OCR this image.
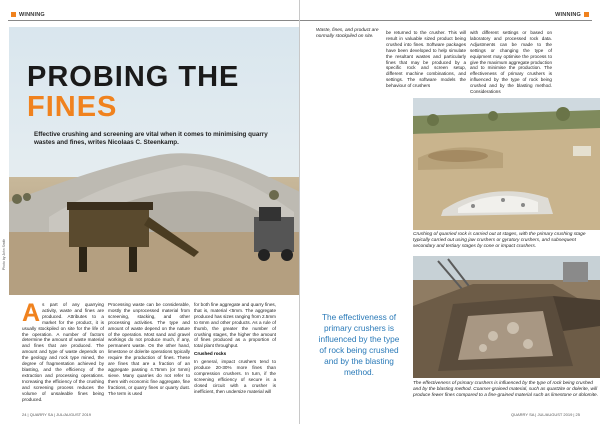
WINNING
PROBING THE
FINES
Effective crushing and screening are vital when it comes to minimising quarry wastes and fines, writes Nicolaas C. Steenkamp.
Photo by John Smith
As part of any quarrying activity, waste and fines are produced. Attributes to a market for the product, it is usually stockpiled on site for the life of the operation. A number of factors determine the amount of waste material and fines that are produced. The amount and type of waste depends on the geology and rock type mined, the degree of fragmentation achieved by blasting, and the efficiency of the extraction and processing operations. Increasing the efficiency of the crushing and screening process reduces the volume of unsaleable fines being produced.
Processing waste can be considerable, mostly the unprocessed material from screening, stacking, and other processing activities. The type and amount of waste depend on the nature of the operation. Most sand and gravel workings do not produce much, if any, permanent waste. On the other hand, limestone or dolerite operations typically require the production of fines. These are fines that are a fraction of an aggregate passing 4.75mm (or 5mm) sieve. Many quarries do not refer to them with economic fine aggregate, fine fractions, or quarry fines or quarry dust. The term is used

for both fine aggregate and quarry fines, that is, material <5mm. The aggregate produced has sizes ranging from 2.5mm to 6mm and other products. As a rule of thumb, the greater the number of crushing stages, the higher the amount of fines produced as a proportion of total plant throughput.

Crushed rocks

In general, impact crushers tend to produce 20-30% more fines than compression crushers. In turn, if the screening efficiency of secure is a closed circuit with a crusher is inefficient, then undersize material will

24 | QUARRY SA | JUL/AUGUST 2019
WINNING
Waste, fines, and product are normally stockpiled on site.
be returned to the crusher. This will result in valuable sized product being crushed into fines. Software packages have been developed to help simulate the resultant wastes and particularly fines that may be produced by a specific rock and screen setup, different machine combinations, and settings. The software models the behaviour of crushers
with different settings or based on laboratory and processed rock data. Adjustments can be made to the settings or changing the type of equipment may optimise the process to give the maximum aggregate production and to minimise the production. The effectiveness of primary crushers is influenced by the type of rock being crushed and by the blasting method. Considerations
Crushing of quarried rock is carried out at stages, with the primary crushing stage typically carried out using jaw crushers or gyratory crushers, and subsequent secondary and tertiary stages by cone or impact crushers.
The effectiveness of primary crushers is influenced by the type of rock being crushed and by the blasting method.
The effectiveness of primary crushers is influenced by the type of rock being crushed and by the blasting method. Coarser-grained material, such as quartzite or dolerite, will produce fewer fines compared to a fine-grained material such as limestone or dolomite.
QUARRY SA | JUL/AUGUST 2019 | 25
